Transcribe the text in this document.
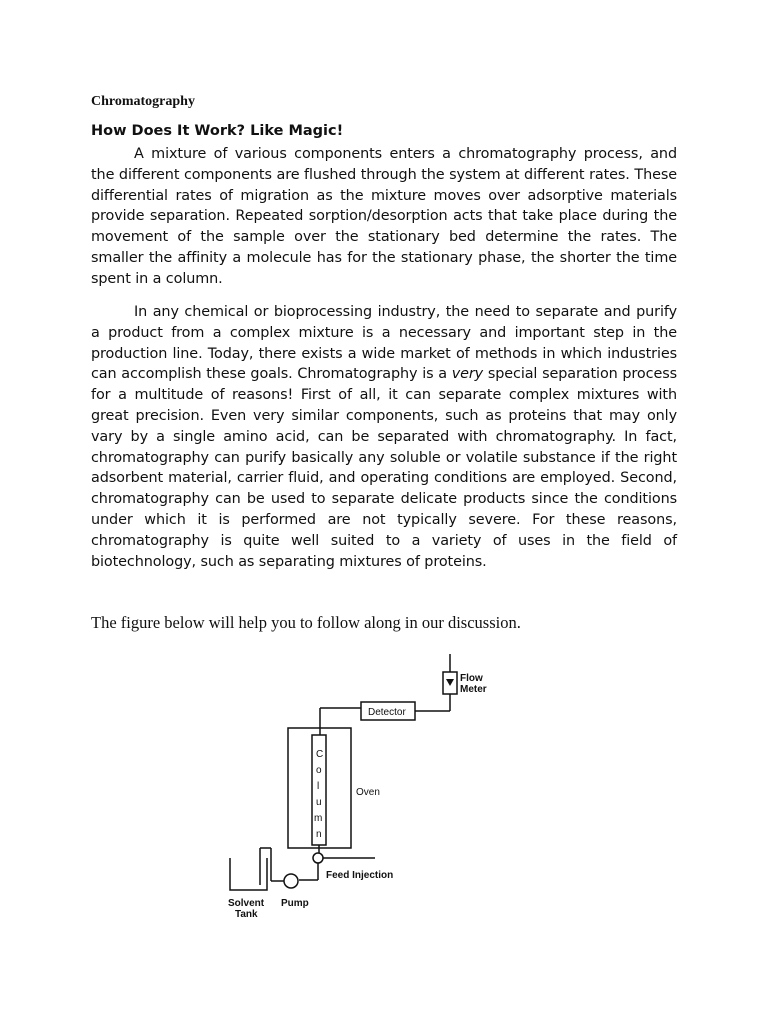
Chromatography
How Does It Work? Like Magic!

A mixture of various components enters a chromatography process, and the different components are flushed through the system at different rates. These differential rates of migration as the mixture moves over adsorptive materials provide separation. Repeated sorption/desorption acts that take place during the movement of the sample over the stationary bed determine the rates. The smaller the affinity a molecule has for the stationary phase, the shorter the time spent in a column.

In any chemical or bioprocessing industry, the need to separate and purify a product from a complex mixture is a necessary and important step in the production line. Today, there exists a wide market of methods in which industries can accomplish these goals. Chromatography is a very special separation process for a multitude of reasons! First of all, it can separate complex mixtures with great precision. Even very similar components, such as proteins that may only vary by a single amino acid, can be separated with chromatography. In fact, chromatography can purify basically any soluble or volatile substance if the right adsorbent material, carrier fluid, and operating conditions are employed. Second, chromatography can be used to separate delicate products since the conditions under which it is performed are not typically severe. For these reasons, chromatography is quite well suited to a variety of uses in the field of biotechnology, such as separating mixtures of proteins.

The figure below will help you to follow along in our discussion.

C
o
l
u
m
n
Flow
Meter
Detector
Oven
Feed Injection
Solvent
Tank
Pump
